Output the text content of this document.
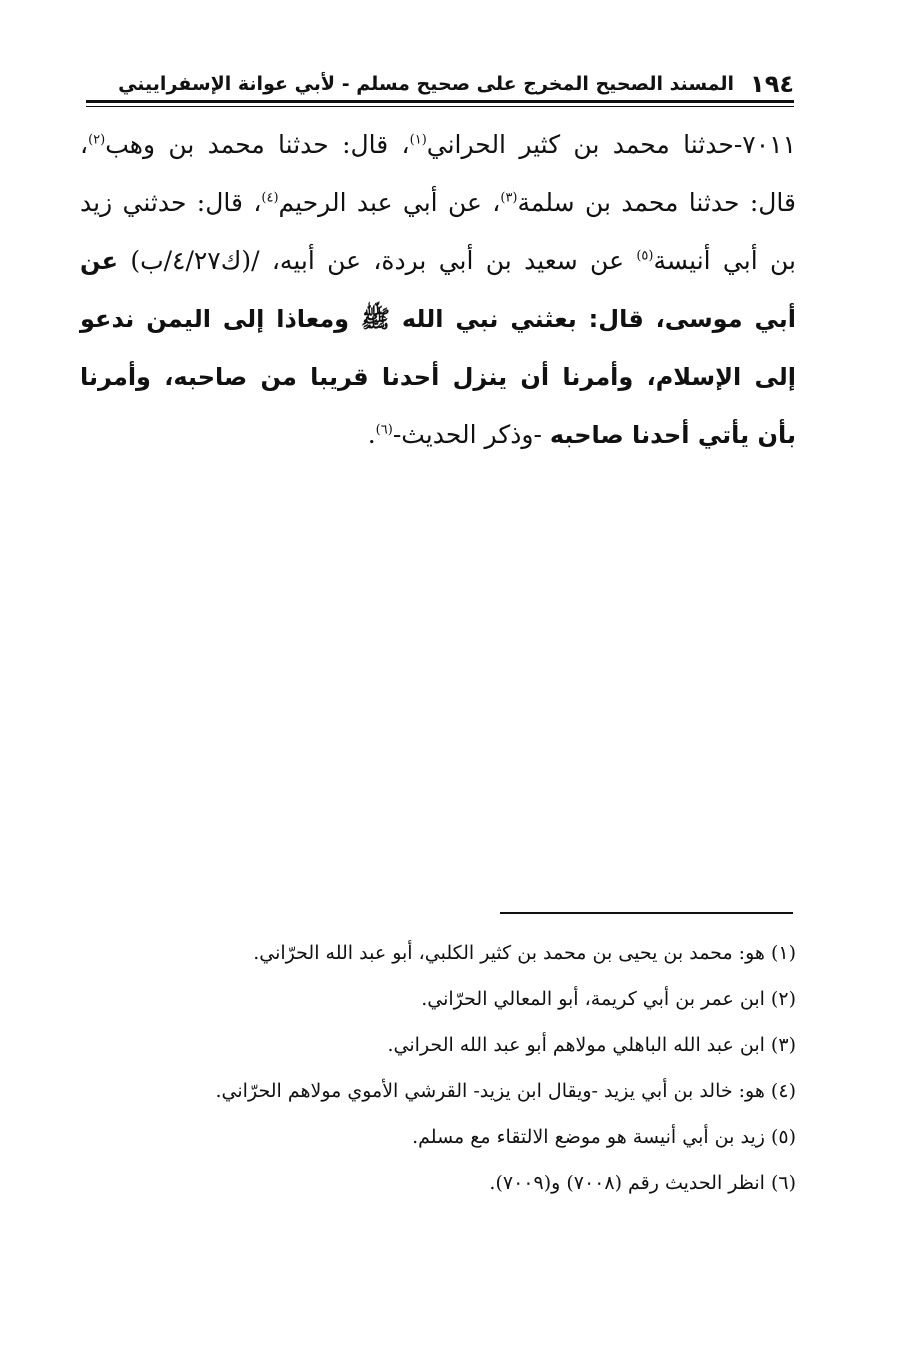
١٩٤
المسند الصحيح المخرج على صحيح مسلم - لأبي عوانة الإسفراييني

٧٠١١-حدثنا محمد بن كثير الحراني$^{(١)}$، قال: حدثنا محمد بن وهب$^{(٢)}$، قال: حدثنا محمد بن سلمة$^{(٣)}$، عن أبي عبد الرحيم$^{(٤)}$، قال: حدثني زيد بن أبي أنيسة$^{(٥)}$ عن سعيد بن أبي بردة، عن أبيه، /(ك٤/٢٧/ب) عن أبي موسى، قال: بعثني نبي الله ﷺ ومعاذا إلى اليمن ندعو إلى الإسلام، وأمرنا أن ينزل أحدنا قريبا من صاحبه، وأمرنا بأن يأتي أحدنا صاحبه -وذكر الحديث-$^{(٦)}$.

(١) هو: محمد بن يحيى بن محمد بن كثير الكلبي، أبو عبد الله الحرّاني.
(٢) ابن عمر بن أبي كريمة، أبو المعالي الحرّاني.
(٣) ابن عبد الله الباهلي مولاهم أبو عبد الله الحراني.
(٤) هو: خالد بن أبي يزيد -ويقال ابن يزيد- القرشي الأموي مولاهم الحرّاني.
(٥) زيد بن أبي أنيسة هو موضع الالتقاء مع مسلم.
(٦) انظر الحديث رقم (٧٠٠٨) و(٧٠٠٩).
